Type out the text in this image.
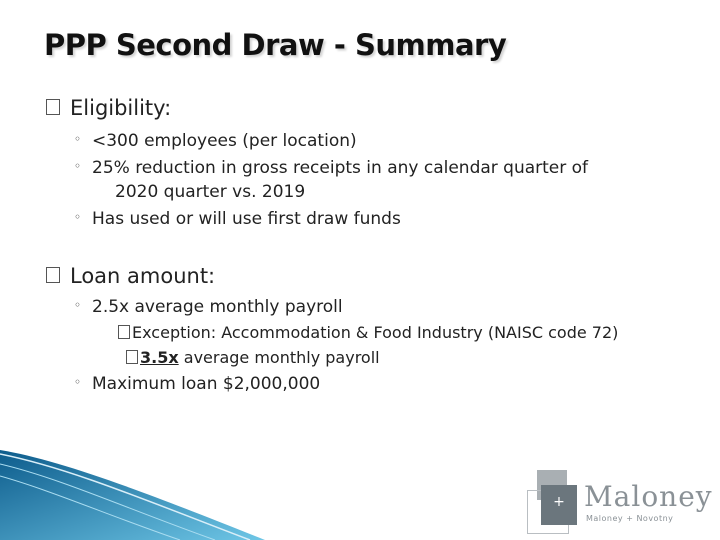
PPP Second Draw - Summary
Eligibility:
◦ <300 employees (per location)
◦ 25% reduction in gross receipts in any calendar quarter of
2020 quarter vs. 2019
◦ Has used or will use first draw funds
Loan amount:
◦ 2.5x average monthly payroll
Exception: Accommodation & Food Industry (NAISC code 72)
3.5x average monthly payroll
◦ Maximum loan $2,000,000
+ Maloney
Maloney + Novotny
